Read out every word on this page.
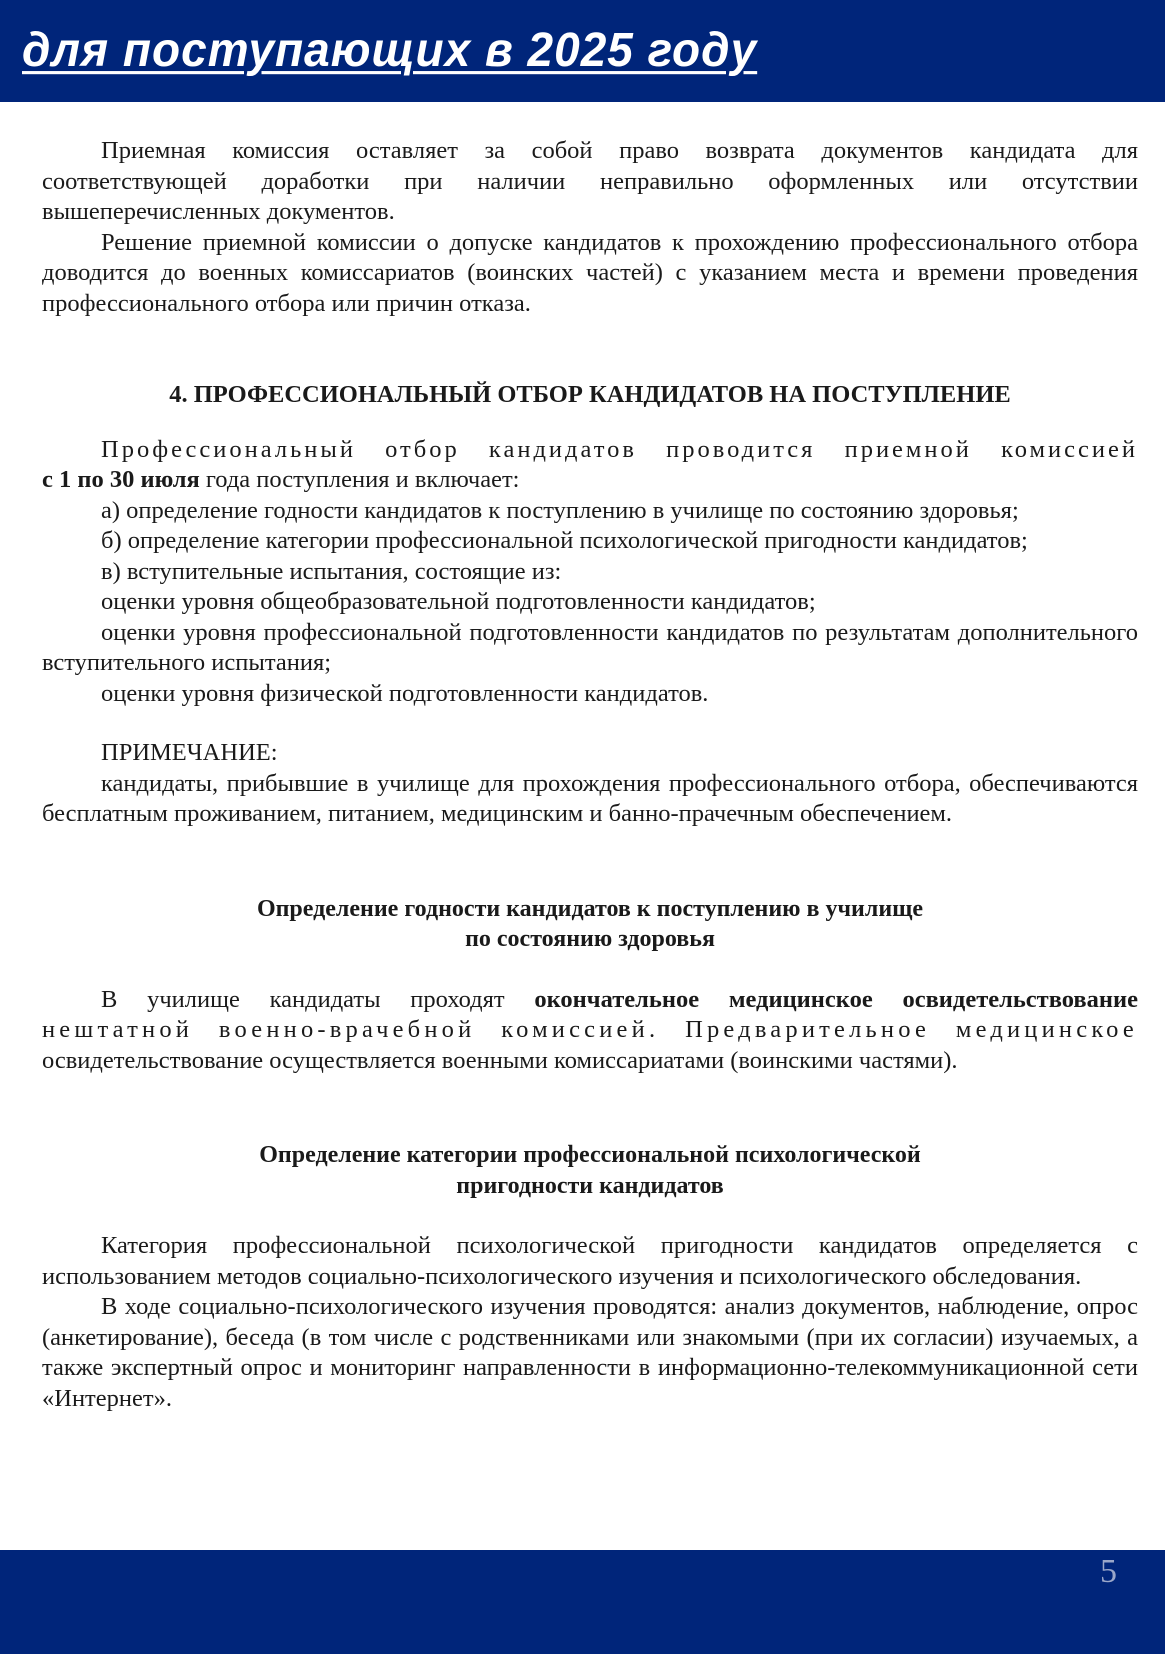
для поступающих в 2025 году

Приемная комиссия оставляет за собой право возврата документов кандидата для соответствующей доработки при наличии неправильно оформленных или отсутствии вышеперечисленных документов.

Решение приемной комиссии о допуске кандидатов к прохождению профессионального отбора доводится до военных комиссариатов (воинских частей) с указанием места и времени проведения профессионального отбора или причин отказа.

4. ПРОФЕССИОНАЛЬНЫЙ ОТБОР КАНДИДАТОВ НА ПОСТУПЛЕНИЕ

Профессиональный отбор кандидатов проводится приемной комиссией

с 1 по 30 июля года поступления и включает:

а) определение годности кандидатов к поступлению в училище по состоянию здоровья;
б) определение категории профессиональной психологической пригодности кандидатов;
в) вступительные испытания, состоящие из:
оценки уровня общеобразовательной подготовленности кандидатов;

оценки уровня профессиональной подготовленности кандидатов по результатам дополнительного вступительного испытания;

оценки уровня физической подготовленности кандидатов.
ПРИМЕЧАНИЕ:

кандидаты, прибывшие в училище для прохождения профессионального отбора, обеспечиваются бесплатным проживанием, питанием, медицинским и банно-прачечным обеспечением.

Определение годности кандидатов к поступлению в училище

по состоянию здоровья

В училище кандидаты проходят окончательное медицинское освидетельствование

нештатной военно-врачебной комиссией. Предварительное медицинское

освидетельствование осуществляется военными комиссариатами (воинскими частями).

Определение категории профессиональной психологической

пригодности кандидатов

Категория профессиональной психологической пригодности кандидатов определяется с использованием методов социально-психологического изучения и психологического обследования.

В ходе социально-психологического изучения проводятся: анализ документов, наблюдение, опрос (анкетирование), беседа (в том числе с родственниками или знакомыми (при их согласии) изучаемых, а также экспертный опрос и мониторинг направленности в информационно-телекоммуникационной сети «Интернет».

5
